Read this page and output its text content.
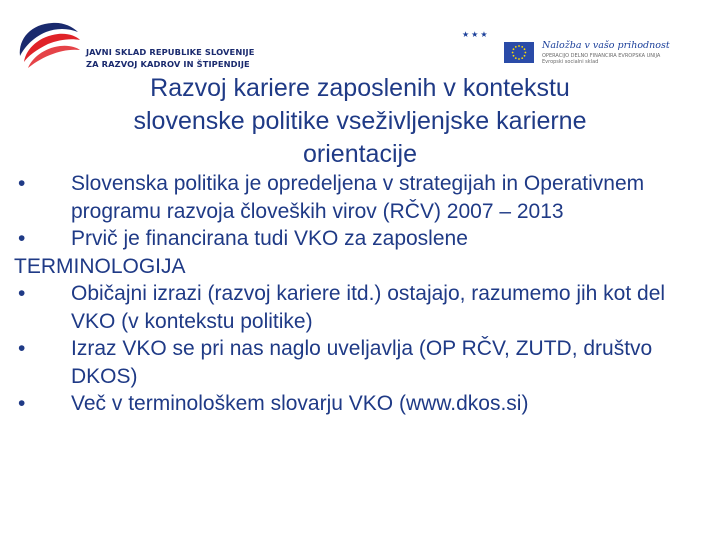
JAVNI SKLAD REPUBLIKE SLOVENIJE
ZA RAZVOJ KADROV IN ŠTIPENDIJE
★★★
Naložba v vašo prihodnost
OPERACIJO DELNO FINANCIRA EVROPSKA UNIJA
Evropski socialni sklad
Razvoj kariere zaposlenih v kontekstu
slovenske politike vseživljenjske karierne
orientacije

•	Slovenska politika je opredeljena v strategijah in Operativnem programu razvoja človeških virov (RČV) 2007 – 2013

•	Prvič je financirana tudi VKO za zaposlene

TERMINOLOGIJA

•	Običajni izrazi (razvoj kariere itd.) ostajajo, razumemo jih kot del VKO (v kontekstu politike)

•	Izraz VKO se pri nas naglo uveljavlja (OP RČV, ZUTD, društvo DKOS)

•	Več v terminološkem slovarju VKO (www.dkos.si)
